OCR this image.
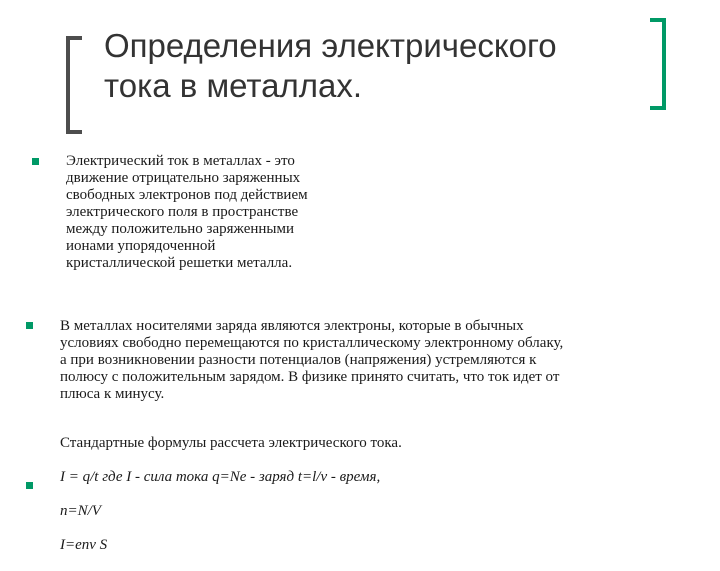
Определения электрического тока в металлах.

Электрический ток в металлах - это
движение отрицательно заряженных
свободных электронов под действием
электрического поля в пространстве
между положительно заряженными
ионами упорядоченной
кристаллической решетки металла.

В металлах носителями заряда являются электроны, которые в обычных
условиях свободно перемещаются по кристаллическому электронному облаку,
а при возникновении разности потенциалов (напряжения) устремляются к
полюсу с положительным зарядом. В физике принято считать, что ток идет от
плюса к минусу.

Стандартные формулы рассчета электрического тока.

I = q/t где I - сила тока q=Ne - заряд t=l/v - время,

n=N/V

I=env S
